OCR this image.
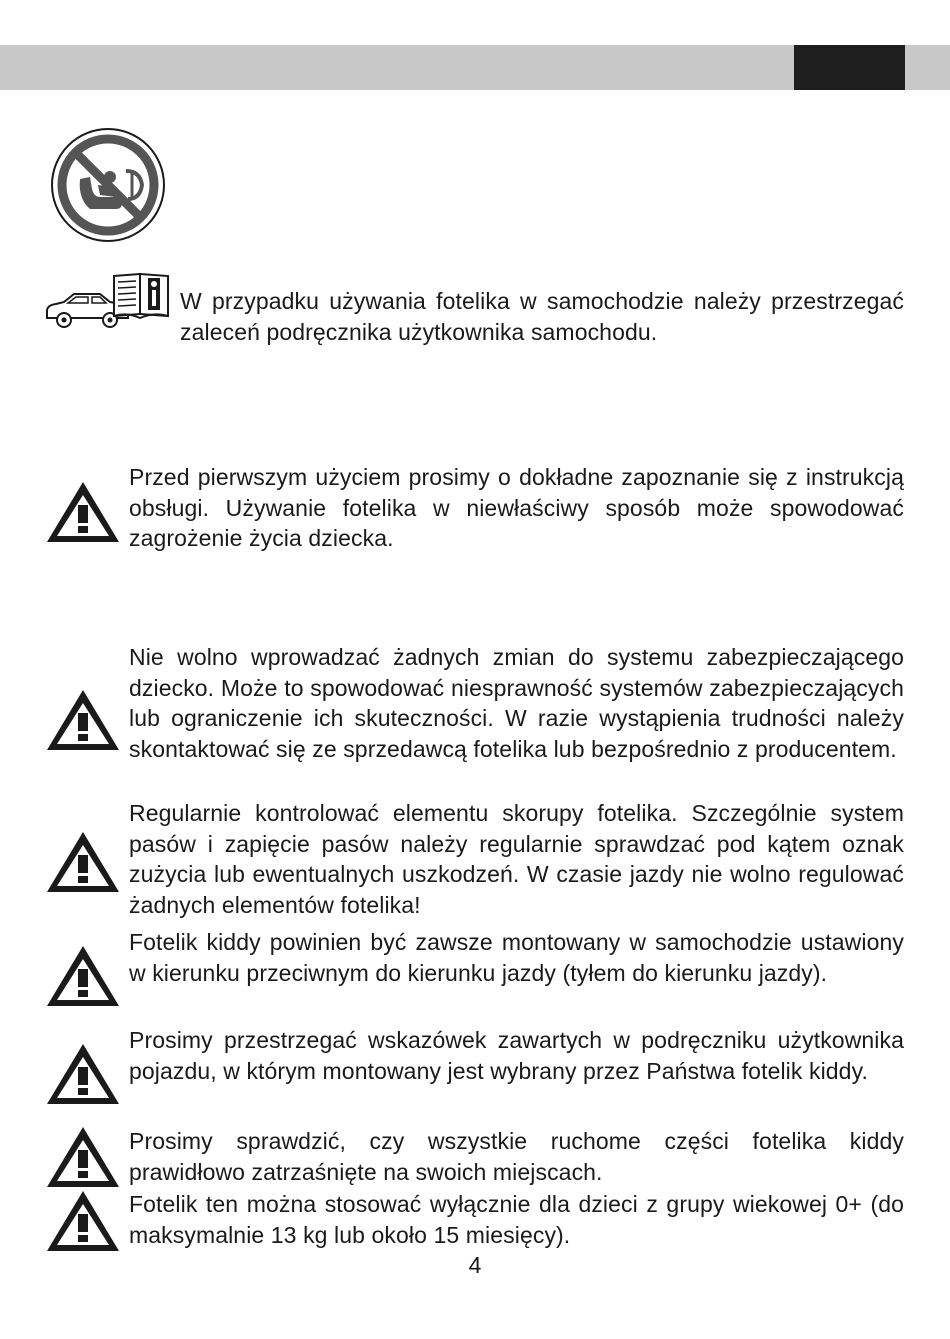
W przypadku używania fotelika w samochodzie należy przestrzegać zaleceń podręcznika użytkownika samochodu.

Przed pierwszym użyciem prosimy o dokładne zapoznanie się z instrukcją obsługi. Używanie fotelika w niewłaściwy sposób może spowodować zagrożenie życia dziecka.

Nie wolno wprowadzać żadnych zmian do systemu zabezpieczającego dziecko. Może to spowodować niesprawność systemów zabezpieczających lub ograniczenie ich skuteczności. W razie wystąpienia trudności należy skontaktować się ze sprzedawcą fotelika lub bezpośrednio z producentem.

Regularnie kontrolować elementu skorupy fotelika. Szczególnie system pasów i zapięcie pasów należy regularnie sprawdzać pod kątem oznak zużycia lub ewentualnych uszkodzeń. W czasie jazdy nie wolno regulować żadnych elementów fotelika!

Fotelik kiddy powinien być zawsze montowany w samochodzie ustawiony w kierunku przeciwnym do kierunku jazdy (tyłem do kierunku jazdy).

Prosimy przestrzegać wskazówek zawartych w podręczniku użytkownika pojazdu, w którym montowany jest wybrany przez Państwa fotelik kiddy.

Prosimy sprawdzić, czy wszystkie ruchome części fotelika kiddy prawidłowo zatrzaśnięte na swoich miejscach.

Fotelik ten można stosować wyłącznie dla dzieci z grupy wiekowej 0+ (do maksymalnie 13 kg lub około 15 miesięcy).

4
